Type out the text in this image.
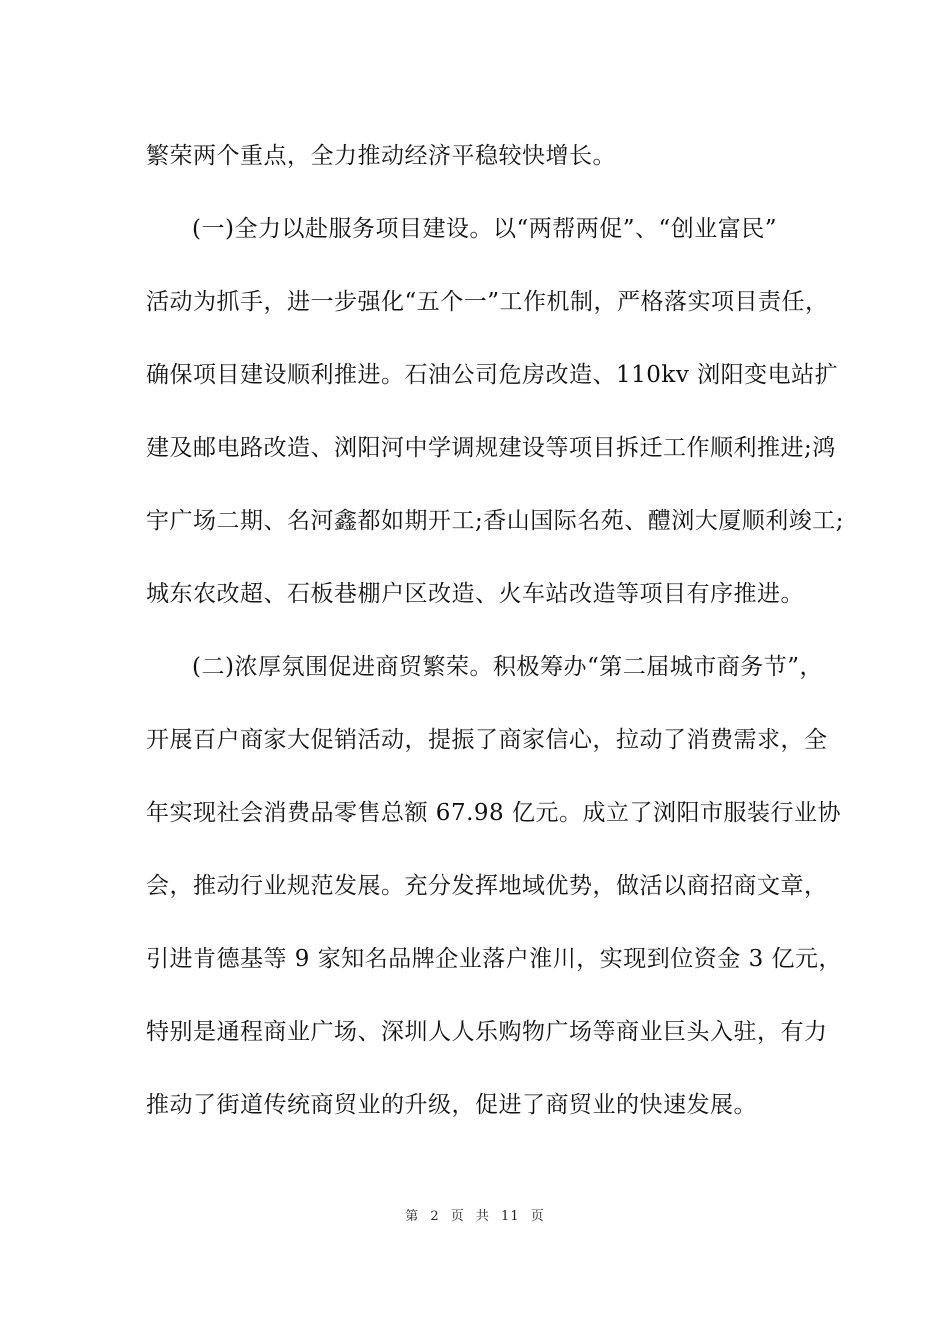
繁荣两个重点，全力推动经济平稳较快增长。
(一)全力以赴服务项目建设。以“两帮两促”、“创业富民”
活动为抓手，进一步强化“五个一”工作机制，严格落实项目责任，
确保项目建设顺利推进。石油公司危房改造、110kv 浏阳变电站扩
建及邮电路改造、浏阳河中学调规建设等项目拆迁工作顺利推进;鸿
宇广场二期、名河鑫都如期开工;香山国际名苑、醴浏大厦顺利竣工;
城东农改超、石板巷棚户区改造、火车站改造等项目有序推进。
(二)浓厚氛围促进商贸繁荣。积极筹办“第二届城市商务节”，
开展百户商家大促销活动，提振了商家信心，拉动了消费需求，全
年实现社会消费品零售总额 67.98 亿元。成立了浏阳市服装行业协
会，推动行业规范发展。充分发挥地域优势，做活以商招商文章，
引进肯德基等 9 家知名品牌企业落户淮川，实现到位资金 3 亿元，
特别是通程商业广场、深圳人人乐购物广场等商业巨头入驻，有力
推动了街道传统商贸业的升级，促进了商贸业的快速发展。
第 2 页 共 11 页
